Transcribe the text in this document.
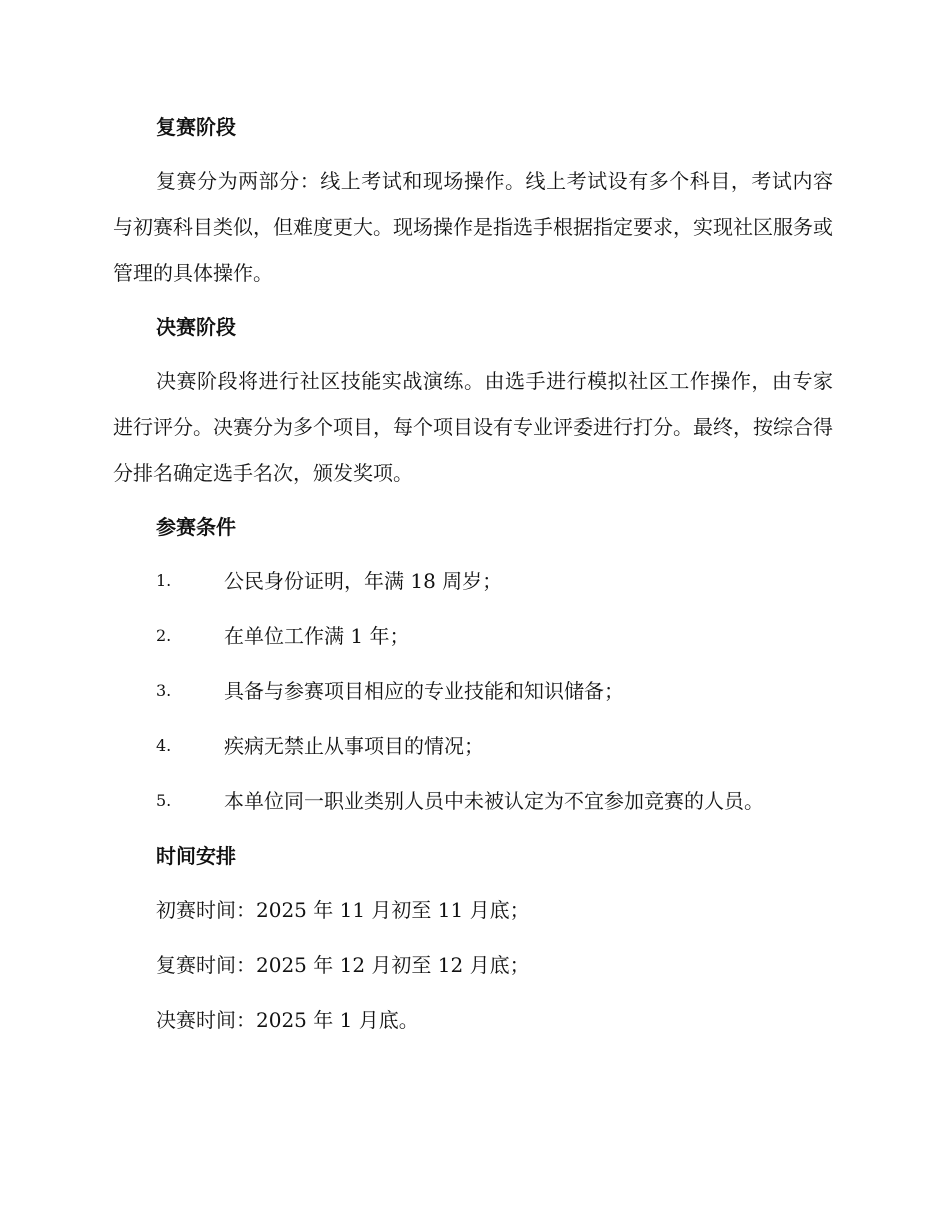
复赛阶段

复赛分为两部分：线上考试和现场操作。线上考试设有多个科目，考试内容与初赛科目类似，但难度更大。现场操作是指选手根据指定要求，实现社区服务或管理的具体操作。

决赛阶段

决赛阶段将进行社区技能实战演练。由选手进行模拟社区工作操作，由专家进行评分。决赛分为多个项目，每个项目设有专业评委进行打分。最终，按综合得分排名确定选手名次，颁发奖项。

参赛条件
1.	公民身份证明，年满 18 周岁；
2.	在单位工作满 1 年；
3.	具备与参赛项目相应的专业技能和知识储备；
4.	疾病无禁止从事项目的情况；
5.	本单位同一职业类别人员中未被认定为不宜参加竞赛的人员。
时间安排
初赛时间：2025 年 11 月初至 11 月底；
复赛时间：2025 年 12 月初至 12 月底；
决赛时间：2025 年 1 月底。
